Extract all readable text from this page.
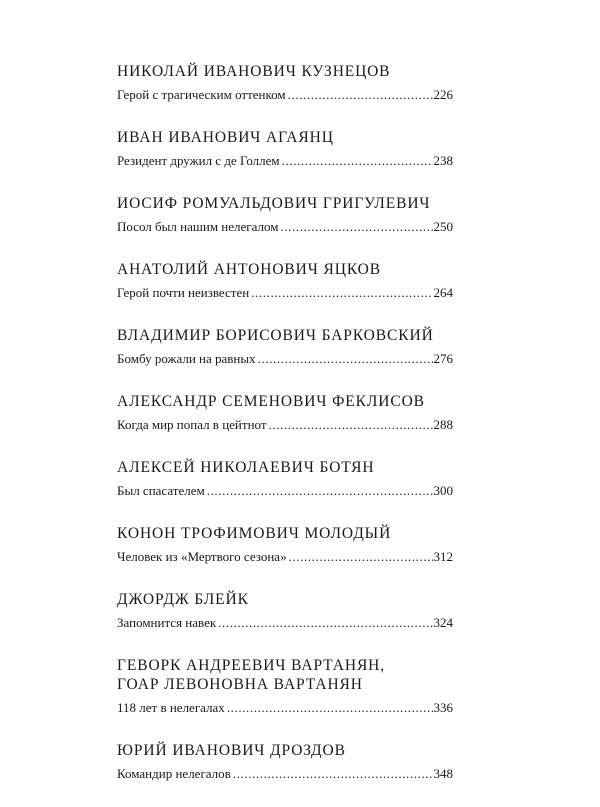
НИКОЛАЙ ИВАНОВИЧ КУЗНЕЦОВ
Герой с трагическим оттенком .....	226
ИВАН ИВАНОВИЧ АГАЯНЦ
Резидент дружил с де Голлем .....	238
ИОСИФ РОМУАЛЬДОВИЧ ГРИГУЛЕВИЧ
Посол был нашим нелегалом .....	250
АНАТОЛИЙ АНТОНОВИЧ ЯЦКОВ
Герой почти неизвестен .....	264
ВЛАДИМИР БОРИСОВИЧ БАРКОВСКИЙ
Бомбу рожали на равных .....	276
АЛЕКСАНДР СЕМЕНОВИЧ ФЕКЛИСОВ
Когда мир попал в цейтнот .....	288
АЛЕКСЕЙ НИКОЛАЕВИЧ БОТЯН
Был спасателем .....	300
КОНОН ТРОФИМОВИЧ МОЛОДЫЙ
Человек из «Мертвого сезона» .....	312
ДЖОРДЖ БЛЕЙК
Запомнится навек .....	324
ГЕВОРК АНДРЕЕВИЧ ВАРТАНЯН,
ГОАР ЛЕВОНОВНА ВАРТАНЯН
118 лет в нелегалах .....	336
ЮРИЙ ИВАНОВИЧ ДРОЗДОВ
Командир нелегалов .....	348
